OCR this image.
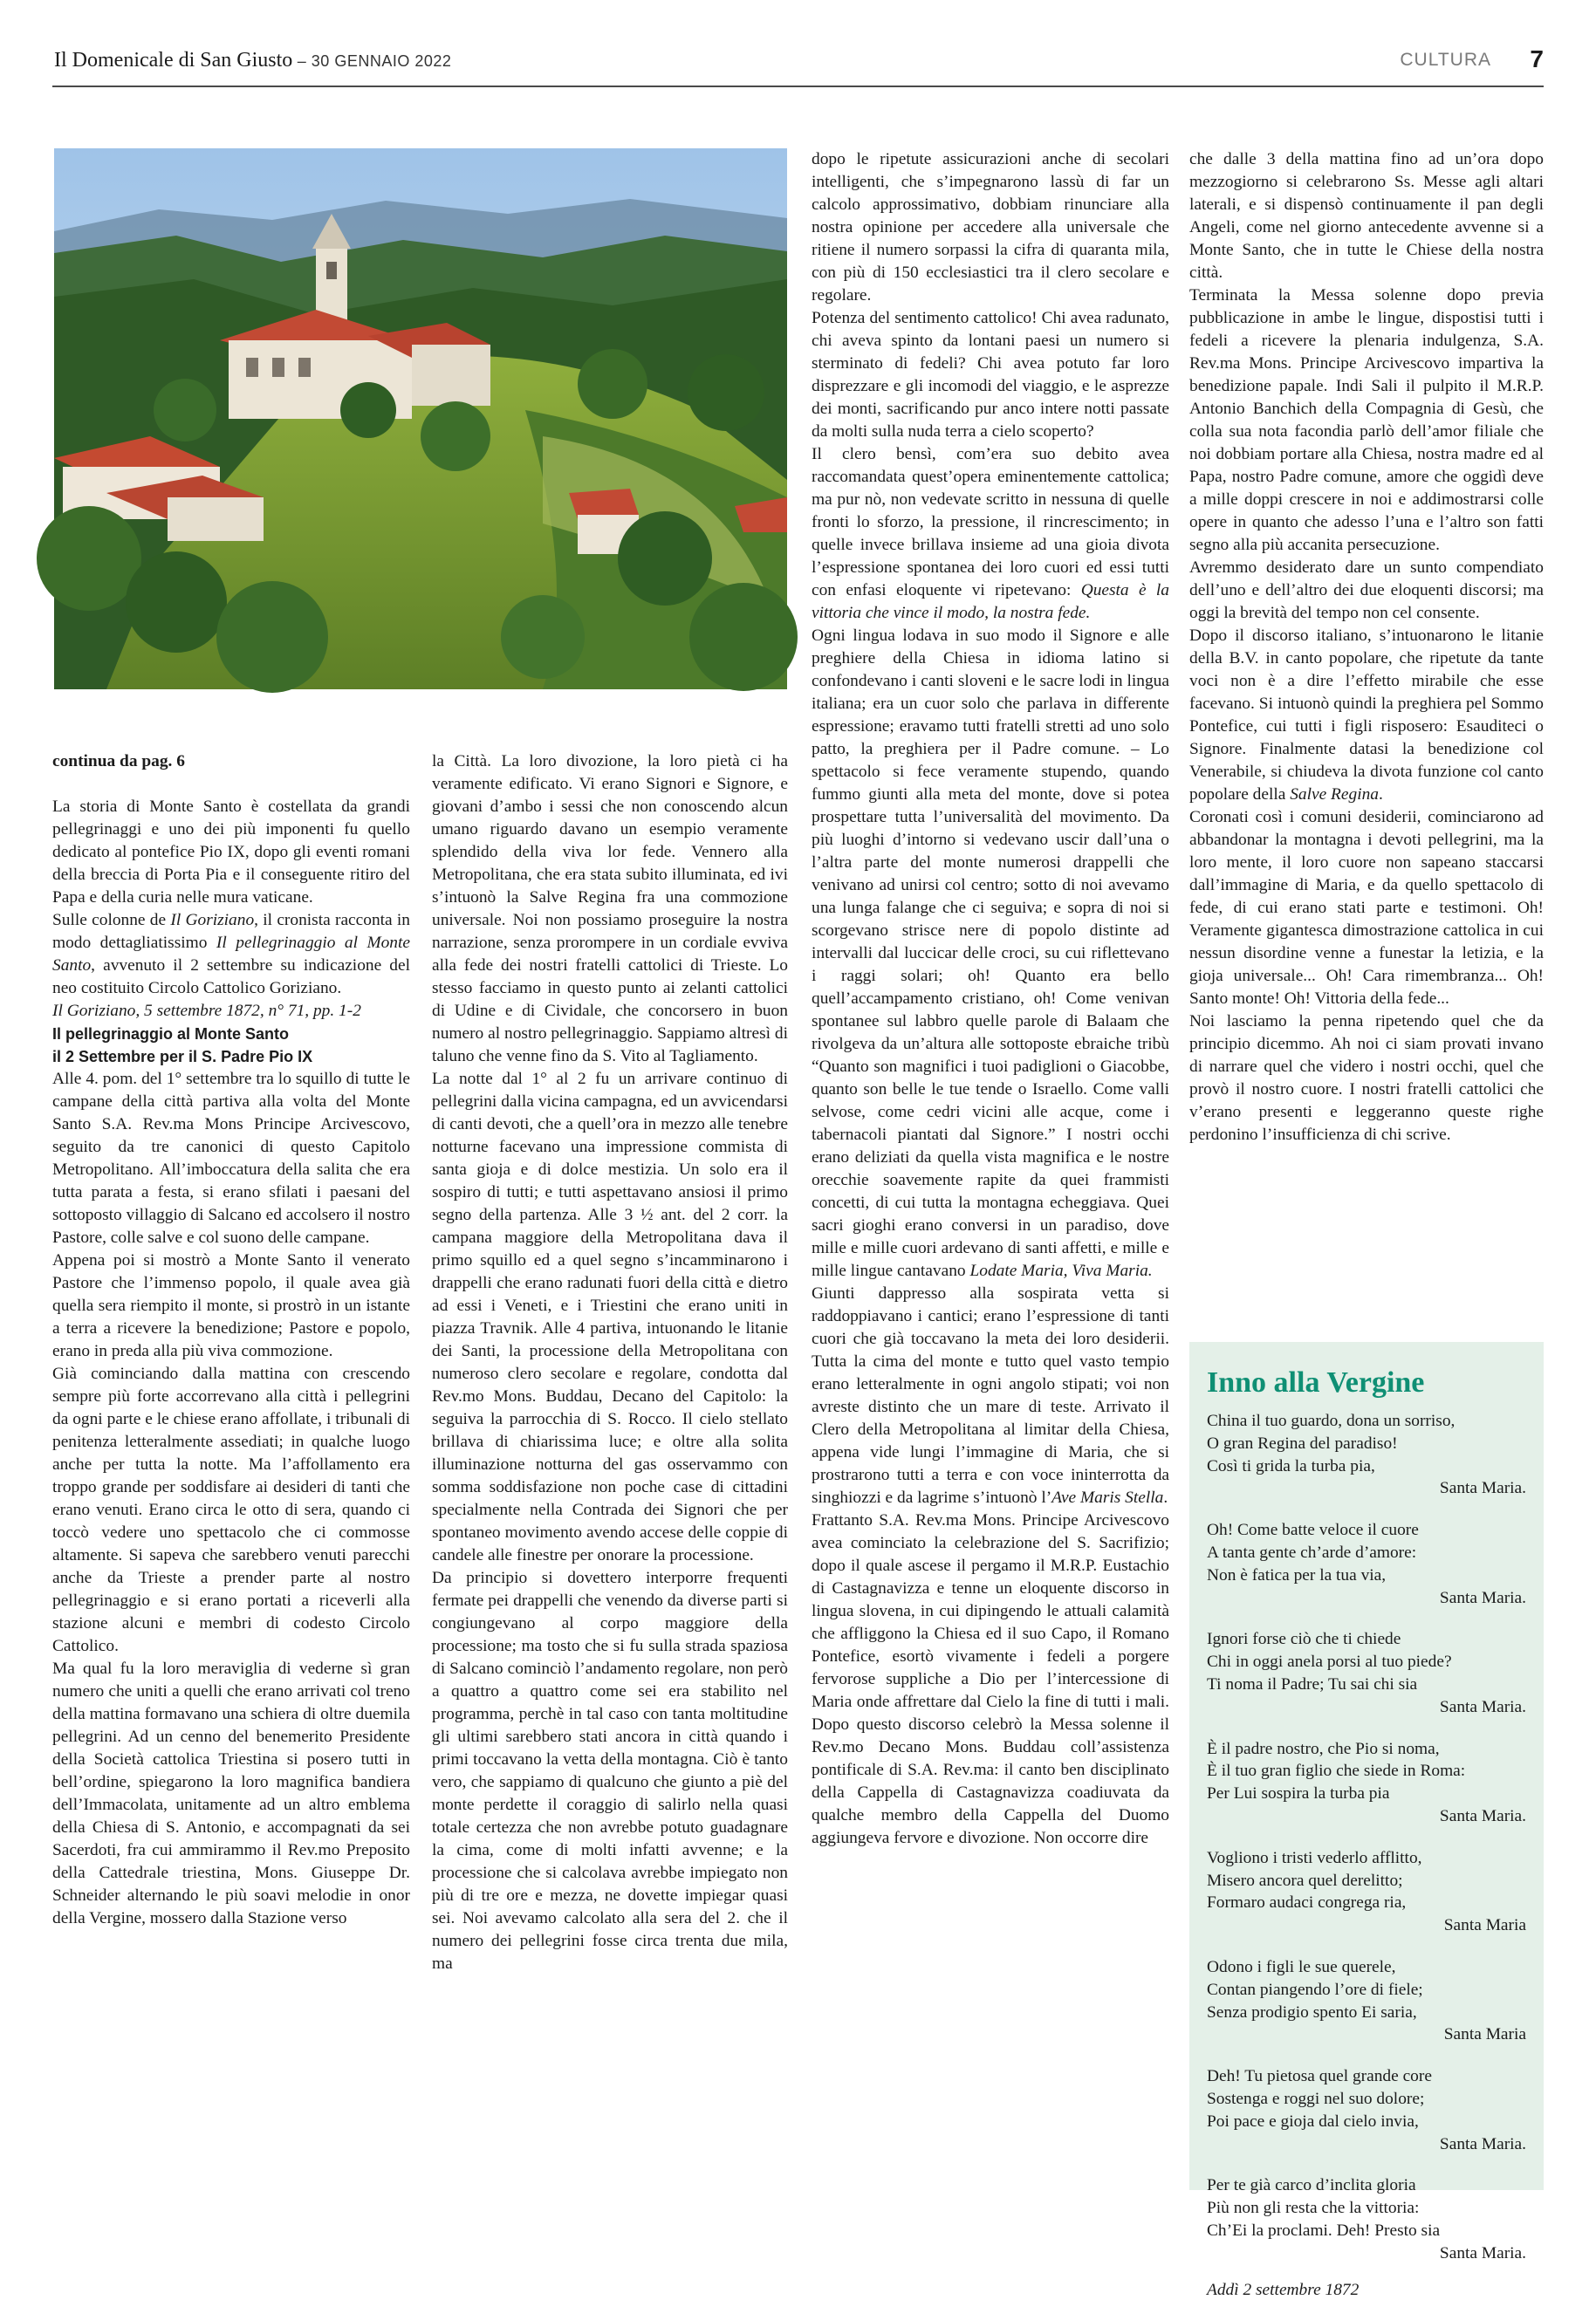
Il Domenicale di San Giusto – 30 GENNAIO 2022	CULTURA 7

continua da pag. 6

La storia di Monte Santo è costellata da grandi pellegrinaggi e uno dei più imponenti fu quello dedicato al pontefice Pio IX, dopo gli eventi romani della breccia di Porta Pia e il conseguente ritiro del Papa e della curia nelle mura vaticane.

Sulle colonne de Il Goriziano, il cronista racconta in modo dettagliatissimo Il pellegrinaggio al Monte Santo, avvenuto il 2 settembre su indicazione del neo costituito Circolo Cattolico Goriziano.

Il Goriziano, 5 settembre 1872, n° 71, pp. 1-2

Il pellegrinaggio al Monte Santo

il 2 Settembre per il S. Padre Pio IX

Alle 4. pom. del 1° settembre tra lo squillo di tutte le campane della città partiva alla volta del Monte Santo S.A. Rev.ma Mons Principe Arcivescovo, seguito da tre canonici di questo Capitolo Metropolitano. All’imboccatura della salita che era tutta parata a festa, si erano sfilati i paesani del sottoposto villaggio di Salcano ed accolsero il nostro Pastore, colle salve e col suono delle campane.

Appena poi si mostrò a Monte Santo il venerato Pastore che l’immenso popolo, il quale avea già quella sera riempito il monte, si prostrò in un istante a terra a ricevere la benedizione; Pastore e popolo, erano in preda alla più viva commozione.

Già cominciando dalla mattina con crescendo sempre più forte accorrevano alla città i pellegrini da ogni parte e le chiese erano affollate, i tribunali di penitenza letteralmente assediati; in qualche luogo anche per tutta la notte. Ma l’affollamento era troppo grande per soddisfare ai desideri di tanti che erano venuti. Erano circa le otto di sera, quando ci toccò vedere uno spettacolo che ci commosse altamente. Si sapeva che sarebbero venuti parecchi anche da Trieste a prender parte al nostro pellegrinaggio e si erano portati a riceverli alla stazione alcuni e membri di codesto Circolo Cattolico.

Ma qual fu la loro meraviglia di vederne sì gran numero che uniti a quelli che erano arrivati col treno della mattina formavano una schiera di oltre duemila pellegrini. Ad un cenno del benemerito Presidente della Società cattolica Triestina si posero tutti in bell’ordine, spiegarono la loro magnifica bandiera dell’Immacolata, unitamente ad un altro emblema della Chiesa di S. Antonio, e accompagnati da sei Sacerdoti, fra cui ammirammo il Rev.mo Preposito della Cattedrale triestina, Mons. Giuseppe Dr. Schneider alternando le più soavi melodie in onor della Vergine, mossero dalla Stazione verso

la Città. La loro divozione, la loro pietà ci ha veramente edificato. Vi erano Signori e Signore, e giovani d’ambo i sessi che non conoscendo alcun umano riguardo davano un esempio veramente splendido della viva lor fede. Vennero alla Metropolitana, che era stata subito illuminata, ed ivi s’intuonò la Salve Regina fra una commozione universale. Noi non possiamo proseguire la nostra narrazione, senza prorompere in un cordiale evviva alla fede dei nostri fratelli cattolici di Trieste. Lo stesso facciamo in questo punto ai zelanti cattolici di Udine e di Cividale, che concorsero in buon numero al nostro pellegrinaggio. Sappiamo altresì di taluno che venne fino da S. Vito al Tagliamento.

La notte dal 1° al 2 fu un arrivare continuo di pellegrini dalla vicina campagna, ed un avvicendarsi di canti devoti, che a quell’ora in mezzo alle tenebre notturne facevano una impressione commista di santa gioja e di dolce mestizia. Un solo era il sospiro di tutti; e tutti aspettavano ansiosi il primo segno della partenza. Alle 3 ½ ant. del 2 corr. la campana maggiore della Metropolitana dava il primo squillo ed a quel segno s’incamminarono i drappelli che erano radunati fuori della città e dietro ad essi i Veneti, e i Triestini che erano uniti in piazza Travnik. Alle 4 partiva, intuonando le litanie dei Santi, la processione della Metropolitana con numeroso clero secolare e regolare, condotta dal Rev.mo Mons. Buddau, Decano del Capitolo: la seguiva la parrocchia di S. Rocco. Il cielo stellato brillava di chiarissima luce; e oltre alla solita illuminazione notturna del gas osservammo con somma soddisfazione non poche case di cittadini specialmente nella Contrada dei Signori che per spontaneo movimento avendo accese delle coppie di candele alle finestre per onorare la processione.

Da principio si dovettero interporre frequenti fermate pei drappelli che venendo da diverse parti si congiungevano al corpo maggiore della processione; ma tosto che si fu sulla strada spaziosa di Salcano cominciò l’andamento regolare, non però a quattro a quattro come sei era stabilito nel programma, perchè in tal caso con tanta moltitudine gli ultimi sarebbero stati ancora in città quando i primi toccavano la vetta della montagna. Ciò è tanto vero, che sappiamo di qualcuno che giunto a piè del monte perdette il coraggio di salirlo nella quasi totale certezza che non avrebbe potuto guadagnare la cima, come di molti infatti avvenne; e la processione che si calcolava avrebbe impiegato non più di tre ore e mezza, ne dovette impiegar quasi sei. Noi avevamo calcolato alla sera del 2. che il numero dei pellegrini fosse circa trenta due mila, ma

dopo le ripetute assicurazioni anche di secolari intelligenti, che s’impegnarono lassù di far un calcolo approssimativo, dobbiam rinunciare alla nostra opinione per accedere alla universale che ritiene il numero sorpassi la cifra di quaranta mila, con più di 150 ecclesiastici tra il clero secolare e regolare.

Potenza del sentimento cattolico! Chi avea radunato, chi aveva spinto da lontani paesi un numero si sterminato di fedeli? Chi avea potuto far loro disprezzare e gli incomodi del viaggio, e le asprezze dei monti, sacrificando pur anco intere notti passate da molti sulla nuda terra a cielo scoperto?

Il clero bensì, com’era suo debito avea raccomandata quest’opera eminentemente cattolica; ma pur nò, non vedevate scritto in nessuna di quelle fronti lo sforzo, la pressione, il rincrescimento; in quelle invece brillava insieme ad una gioia divota l’espressione spontanea dei loro cuori ed essi tutti con enfasi eloquente vi ripetevano: Questa è la vittoria che vince il modo, la nostra fede.

Ogni lingua lodava in suo modo il Signore e alle preghiere della Chiesa in idioma latino si confondevano i canti sloveni e le sacre lodi in lingua italiana; era un cuor solo che parlava in differente espressione; eravamo tutti fratelli stretti ad uno solo patto, la preghiera per il Padre comune. – Lo spettacolo si fece veramente stupendo, quando fummo giunti alla meta del monte, dove si potea prospettare tutta l’universalità del movimento. Da più luoghi d’intorno si vedevano uscir dall’una o l’altra parte del monte numerosi drappelli che venivano ad unirsi col centro; sotto di noi avevamo una lunga falange che ci seguiva; e sopra di noi si scorgevano strisce nere di popolo distinte ad intervalli dal luccicar delle croci, su cui riflettevano i raggi solari; oh! Quanto era bello quell’accampamento cristiano, oh! Come venivan spontanee sul labbro quelle parole di Balaam che rivolgeva da un’altura alle sottoposte ebraiche tribù “Quanto son magnifici i tuoi padiglioni o Giacobbe, quanto son belle le tue tende o Israello. Come valli selvose, come cedri vicini alle acque, come i tabernacoli piantati dal Signore.” I nostri occhi erano deliziati da quella vista magnifica e le nostre orecchie soavemente rapite da quei frammisti concetti, di cui tutta la montagna echeggiava. Quei sacri gioghi erano conversi in un paradiso, dove mille e mille cuori ardevano di santi affetti, e mille e mille lingue cantavano Lodate Maria, Viva Maria.

Giunti dappresso alla sospirata vetta si raddoppiavano i cantici; erano l’espressione di tanti cuori che già toccavano la meta dei loro desiderii. Tutta la cima del monte e tutto quel vasto tempio erano letteralmente in ogni angolo stipati; voi non avreste distinto che un mare di teste. Arrivato il Clero della Metropolitana al limitar della Chiesa, appena vide lungi l’immagine di Maria, che si prostrarono tutti a terra e con voce ininterrotta da singhiozzi e da lagrime s’intuonò l’Ave Maris Stella.

Frattanto S.A. Rev.ma Mons. Principe Arcivescovo avea cominciato la celebrazione del S. Sacrifizio; dopo il quale ascese il pergamo il M.R.P. Eustachio di Castagnavizza e tenne un eloquente discorso in lingua slovena, in cui dipingendo le attuali calamità che affliggono la Chiesa ed il suo Capo, il Romano Pontefice, esortò vivamente i fedeli a porgere fervorose suppliche a Dio per l’intercessione di Maria onde affrettare dal Cielo la fine di tutti i mali. Dopo questo discorso celebrò la Messa solenne il Rev.mo Decano Mons. Buddau coll’assistenza pontificale di S.A. Rev.ma: il canto ben disciplinato della Cappella di Castagnavizza coadiuvata da qualche membro della Cappella del Duomo aggiungeva fervore e divozione. Non occorre dire

che dalle 3 della mattina fino ad un’ora dopo mezzogiorno si celebrarono Ss. Messe agli altari laterali, e si dispensò continuamente il pan degli Angeli, come nel giorno antecedente avvenne si a Monte Santo, che in tutte le Chiese della nostra città.

Terminata la Messa solenne dopo previa pubblicazione in ambe le lingue, dispostisi tutti i fedeli a ricevere la plenaria indulgenza, S.A. Rev.ma Mons. Principe Arcivescovo impartiva la benedizione papale. Indi Sali il pulpito il M.R.P. Antonio Banchich della Compagnia di Gesù, che colla sua nota facondia parlò dell’amor filiale che noi dobbiam portare alla Chiesa, nostra madre ed al Papa, nostro Padre comune, amore che oggidì deve a mille doppi crescere in noi e addimostrarsi colle opere in quanto che adesso l’una e l’altro son fatti segno alla più accanita persecuzione.

Avremmo desiderato dare un sunto compendiato dell’uno e dell’altro dei due eloquenti discorsi; ma oggi la brevità del tempo non cel consente.

Dopo il discorso italiano, s’intuonarono le litanie della B.V. in canto popolare, che ripetute da tante voci non è a dire l’effetto mirabile che esse facevano. Si intuonò quindi la preghiera pel Sommo Pontefice, cui tutti i figli risposero: Esauditeci o Signore. Finalmente datasi la benedizione col Venerabile, si chiudeva la divota funzione col canto popolare della Salve Regina.

Coronati così i comuni desiderii, cominciarono ad abbandonar la montagna i devoti pellegrini, ma la loro mente, il loro cuore non sapeano staccarsi dall’immagine di Maria, e da quello spettacolo di fede, di cui erano stati parte e testimoni. Oh! Veramente gigantesca dimostrazione cattolica in cui nessun disordine venne a funestar la letizia, e la gioja universale... Oh! Cara rimembranza... Oh! Santo monte! Oh! Vittoria della fede...

Noi lasciamo la penna ripetendo quel che da principio dicemmo. Ah noi ci siam provati invano di narrare quel che videro i nostri occhi, quel che provò il nostro cuore. I nostri fratelli cattolici che v’erano presenti e leggeranno queste righe perdonino l’insufficienza di chi scrive.

Inno alla Vergine
China il tuo guardo, dona un sorriso,
O gran Regina del paradiso!
Così ti grida la turba pia,
Santa Maria.
Oh! Come batte veloce il cuore
A tanta gente ch’arde d’amore:
Non è fatica per la tua via,
Santa Maria.
Ignori forse ciò che ti chiede
Chi in oggi anela porsi al tuo piede?
Ti noma il Padre; Tu sai chi sia
Santa Maria.
È il padre nostro, che Pio si noma,
È il tuo gran figlio che siede in Roma:
Per Lui sospira la turba pia
Santa Maria.
Vogliono i tristi vederlo afflitto,
Misero ancora quel derelitto;
Formaro audaci congrega ria,
Santa Maria
Odono i figli le sue querele,
Contan piangendo l’ore di fiele;
Senza prodigio spento Ei saria,
Santa Maria
Deh! Tu pietosa quel grande core
Sostenga e roggi nel suo dolore;
Poi pace e gioja dal cielo invia,
Santa Maria.
Per te già carco d’inclita gloria
Più non gli resta che la vittoria:
Ch’Ei la proclami. Deh! Presto sia
Santa Maria.
Addì 2 settembre 1872
